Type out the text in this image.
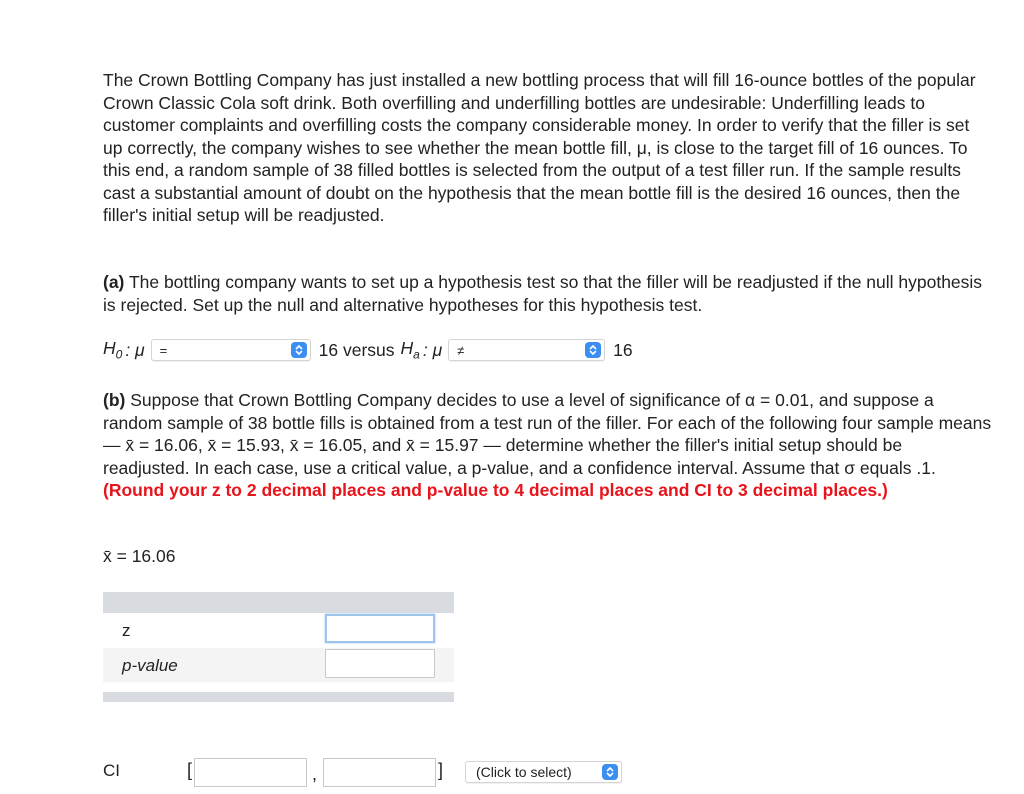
The Crown Bottling Company has just installed a new bottling process that will fill 16-ounce bottles of the popular Crown Classic Cola soft drink. Both overfilling and underfilling bottles are undesirable: Underfilling leads to customer complaints and overfilling costs the company considerable money. In order to verify that the filler is set up correctly, the company wishes to see whether the mean bottle fill, μ, is close to the target fill of 16 ounces. To this end, a random sample of 38 filled bottles is selected from the output of a test filler run. If the sample results cast a substantial amount of doubt on the hypothesis that the mean bottle fill is the desired 16 ounces, then the filler's initial setup will be readjusted.

(a) The bottling company wants to set up a hypothesis test so that the filler will be readjusted if the null hypothesis is rejected. Set up the null and alternative hypotheses for this hypothesis test.

$H_0$ : μ =	16 versus $H_a$ : μ ≠	16

(b) Suppose that Crown Bottling Company decides to use a level of significance of α = 0.01, and suppose a random sample of 38 bottle fills is obtained from a test run of the filler. For each of the following four sample means— x̄ = 16.06, x̄ = 15.93, x̄ = 16.05, and x̄ = 15.97 — determine whether the filler's initial setup should be readjusted. In each case, use a critical value, a p-value, and a confidence interval. Assume that σ equals .1. (Round your z to 2 decimal places and p-value to 4 decimal places and CI to 3 decimal places.)

x̄ = 16.06
z
p-value
CI	[	,	] (Click to select)
